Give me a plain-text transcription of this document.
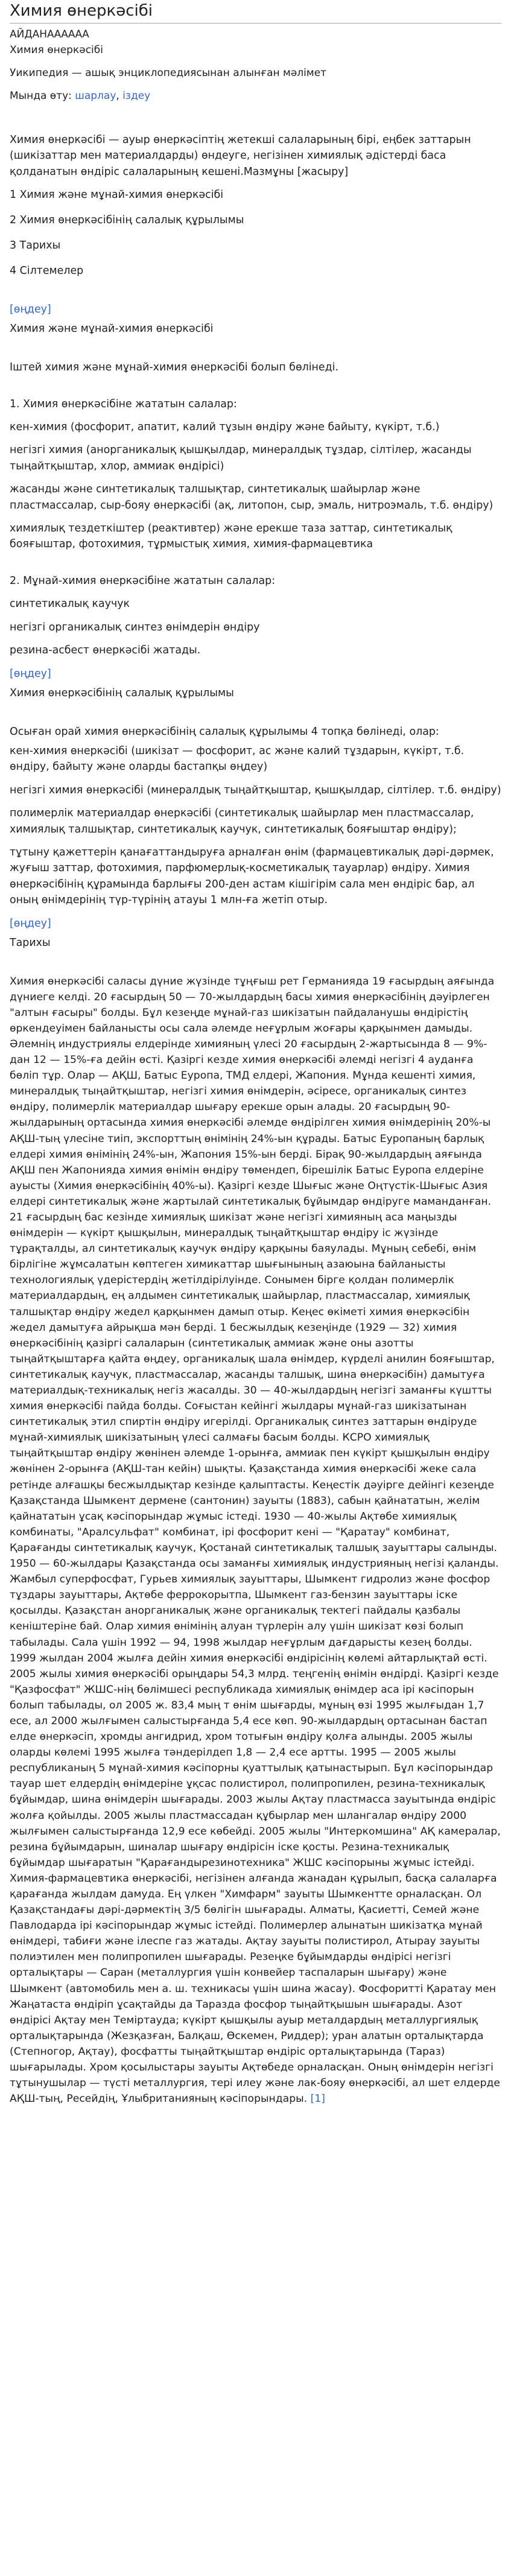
Химия өнеркәсібі
АЙДАНАААААА
Химия өнеркәсібі
Уикипедия — ашық энциклопедиясынан алынған мәлімет
Мында өту: шарлау, іздеу

Химия өнеркәсібі — ауыр өнеркәсіптің жетекші салаларының бірі, еңбек заттарын (шикізаттар мен материалдарды) өндеуге, негізінен химиялық әдістерді баса қолданатын өндіріс салаларының кешені.Мазмұны [жасыру]

1 Химия және мұнай-химия өнеркәсібі
2 Химия өнеркәсібінің салалық құрылымы
3 Тарихы
4 Сілтемелер
[өңдеу]
Химия және мұнай-химия өнеркәсібі

Іштей химия және мұнай-химия өнеркәсібі болып бөлінеді.

1. Химия өнеркәсібіне жататын салалар:

кен-химия (фосфорит, апатит, калий тұзын өндіру және байыту, күкірт, т.б.)
негізгі химия (анорганикалық қышқылдар, минералдық тұздар, сілтілер, жасанды тыңайтқыштар, хлор, аммиак өндірісі)
жасанды және синтетикалық талшықтар, синтетикалық шайырлар және пластмассалар, сыр-бояу өнеркәсібі (ақ, литопон, сыр, эмаль, нитроэмаль, т.б. өндіру)
химиялық тездеткіштер (реактивтер) және ерекше таза заттар, синтетикалық бояғыштар, фотохимия, тұрмыстық химия, химия-фармацевтика

2. Мұнай-химия өнеркәсібіне жататын салалар:

синтетикалық каучук
негізгі органикалық синтез өнімдерін өндіру
резина-асбест өнеркәсібі жатады.
[өңдеу]
Химия өнеркәсібінің салалық құрылымы

Осыған орай химия өнеркәсібінің салалық құрылымы 4 топқа бөлінеді, олар:

кен-химия өнеркәсібі (шикізат — фосфорит, ас және калий тұздарын, күкірт, т.б. өндіру, байыту және оларды бастапқы өңдеу)
негізгі химия өнеркәсібі (минералдық тыңайтқыштар, қышқылдар, сілтілер. т.б. өндіру)
полимерлік материалдар өнеркәсібі (синтетикалық шайырлар мен пластмассалар, химиялық талшықтар, синтетикалық каучук, синтетикалық бояғыштар өндіру);
тұтыну қажеттерін қанағаттандыруға арналған өнім (фармацевтикалық дәрі-дәрмек, жуғыш заттар, фотохимия, парфюмерлық-косметикалық тауарлар) өндіру. Химия өнеркәсібінің құрамында барлығы 200-ден астам кішігірім сала мен өндіріс бар, ал оның өнімдерінің түр-түрінің атауы 1 млн-ға жетіп отыр.
[өңдеу]
Тарихы

Химия өнеркәсібі саласы дүние жүзінде тұңғыш рет Германияда 19 ғасырдың аяғында дүниеге келді. 20 ғасырдың 50 — 70-жылдардың басы химия өнеркәсібінің дәуірлеген "алтын ғасыры" болды. Бұл кезеңде мұнай-газ шикізатын пайдаланушы өндірістің өркендеуімен байланысты осы сала әлемде неғұрлым жоғары қарқынмен дамыды. Әлемнің индустриялы елдерінде химияның үлесі 20 ғасырдың 2-жартысында 8 — 9%-дан 12 — 15%-ға дейін өсті. Қазіргі кезде химия өнеркәсібі әлемді негізгі 4 ауданға бөліп тұр. Олар — АҚШ, Батыс Еуропа, ТМД елдері, Жапония. Мұнда кешенті химия, минералдық тыңайтқыштар, негізгі химия өнімдерін, әсіресе, органикалық синтез өндіру, полимерлік материалдар шығару ерекше орын алады. 20 ғасырдың 90-жылдарының ортасында химия өнеркәсібі әлемде өндірілген химия өнімдерінің 20%-ы АҚШ-тың үлесіне тиіп, экспорттың өнімінің 24%-ын құрады. Батыс Еуропаның барлық елдері химия өнімінің 24%-ын, Жапония 15%-ын берді. Бірақ 90-жылдардың аяғында АҚШ пен Жапонияда химия өнімін өндіру төмендеп, бірешілік Батыс Еуропа елдеріне ауысты (Химия өнеркәсібінің 40%-ы). Қазіргі кезде Шығыс және Оңтүстік-Шығыс Азия елдері синтетикалық және жартылай синтетикалық бұйымдар өндіруге маманданған. 21 ғасырдың бас кезінде химиялық шикізат және негізгі химияның аса маңызды өнімдерін — күкірт қышқылын, минералдық тыңайтқыштар өндіру іс жүзінде тұрақталды, ал синтетикалық каучук өндіру қарқыны баяулады. Мұның себебі, өнім бірлігіне жұмсалатын көптеген химикаттар шығынының азаюына байланысты технологиялық үдерістердің жетілдірілуінде. Сонымен бірге қолдан полимерлік материалдардың, ең алдымен синтетикалық шайырлар, пластмассалар, химиялық талшықтар өндіру жедел қарқынмен дамып отыр. Кеңес өкіметі химия өнеркәсібін жедел дамытуға айрықша мән берді. 1 бесжылдық кезеңінде (1929 — 32) химия өнеркәсібінің қазіргі салаларын (синтетикалық аммиак және оны азотты тыңайтқыштарға қайта өңдеу, органикалық шала өнімдер, күрделі анилин бояғыштар, синтетикалық каучук, пластмассалар, жасанды талшық, шина өнеркәсібін) дамытуға материалдық-техникалық негіз жасалды. 30 — 40-жылдардың негізгі заманғы күштты химия өнеркәсібі пайда болды. Соғыстан кейінгі жылдары мұнай-газ шикізатынан синтетикалық этил спиртін өндіру игерілді. Органикалық синтез заттарын өндіруде мұнай-химиялық шикізатының үлесі салмағы басым болды. КСРО химиялық тыңайтқыштар өндіру жөнінен әлемде 1-орынға, аммиак пен күкірт қышқылын өндіру жөнінен 2-орынға (АҚШ-тан кейін) шықты. Қазақстанда химия өнеркәсібі жеке сала ретінде алғашқы бесжылдықтар кезінде қалыптасты. Кеңестік дәуірге дейінгі кезеңде Қазақстанда Шымкент дермене (сантонин) зауыты (1883), сабын қайнататын, желім қайнататын ұсақ кәсіпорындар жұмыс істеді. 1930 — 40-жылы Ақтөбе химиялық комбинаты, "Аралсульфат" комбинат, ірі фосфорит кені — "Қаратау" комбинат, Қарағанды синтетикалық каучук, Қостанай синтетикалық талшық зауыттары салынды. 1950 — 60-жылдары Қазақстанда осы заманғы химиялық индустрияның негізі қаланды. Жамбыл суперфосфат, Гурьев химиялық зауыттары, Шымкент гидролиз және фосфор тұздары зауыттары, Ақтөбе феррокорытпа, Шымкент газ-бензин зауыттары іске қосылды. Қазақстан анорганикалық және органикалық тектегі пайдалы қазбалы кеніштеріне бай. Олар химия өнімінің алуан түрлерін алу үшін шикізат көзі болып табылады. Сала үшін 1992 — 94, 1998 жылдар неғұрлым дағдарысты кезең болды. 1999 жылдан 2004 жылға дейін химия өнеркәсібі өндірісінің көлемі айтарлықтай өсті. 2005 жылы химия өнеркәсібі орыңдары 54,3 млрд. теңгенің өнімін өндірді. Қазіргі кезде "Қазфосфат" ЖШС-нің бөлімшесі республикада химиялық өнімдер аса ірі кәсіпорын болып табылады, ол 2005 ж. 83,4 мың т өнім шығарды, мұның өзі 1995 жылғыдан 1,7 есе, ал 2000 жылғымен салыстырғанда 5,4 есе көп. 90-жылдардың ортасынан бастап елде өнеркәсіп, хромды ангидрид, хром тотығын өндіру қолға алынды. 2005 жылы оларды көлемі 1995 жылға тәндерілдеп 1,8 — 2,4 есе артты. 1995 — 2005 жылы республиканың 5 мұнай-химия кәсіпорны қуаттылық қатынастырып. Бұл кәсіпорындар тауар шет елдердің өнімдеріне ұқсас полистирол, полипропилен, резина-техникалық бұйымдар, шина өнімдерін шығарады. 2003 жылы Ақтау пластмасса зауытында өндіріс жолға қойылды. 2005 жылы пластмассадан құбырлар мен шлангалар өндіру 2000 жылғымен салыстырғанда 12,9 есе көбейді. 2005 жылы "Интеркомшина" АҚ камералар, резина бұйымдарын, шиналар шығару өндірісін іске қосты. Резина-техникалық бұйымдар шығаратын "Қарағандырезинотехника" ЖШС кәсіпорыны жұмыс істейді. Химия-фармацевтика өнеркәсібі, негізінен алғанда жанадан құрылып, басқа салаларға қарағанда жылдам дамуда. Ең үлкен "Химфарм" зауыты Шымкентте орналасқан. Ол Қазақстандағы дәрі-дәрмектің 3/5 бөлігін шығарады. Алматы, Қасиетті, Семей және Павлодарда ірі кәсіпорындар жұмыс істейді. Полимерлер алынатын шикізатқа мұнай өнімдері, табиғи және ілеспе газ жатады. Ақтау зауыты полистирол, Атырау зауыты полиэтилен мен полипропилен шығарады. Резеңке бұйымдарды өндірісі негізгі орталықтары — Саран (металлургия үшін конвейер таспаларын шығару) және Шымкент (автомобиль мен а. ш. техникасы үшін шина жасау). Фосфоритті Қаратау мен Жаңатаста өндіріп ұсақтайды да Таразда фосфор тыңайтқышын шығарады. Азот өндірісі Ақтау мен Теміртауда; күкірт қышқылы ауыр металдардың металлургиялық орталықтарында (Жезқазған, Балқаш, Өскемен, Риддер); уран алатын орталықтарда (Степногор, Ақтау), фосфатты тыңайтқыштар өндіріс орталықтарында (Тараз) шығарылады. Хром қосылыстары зауыты Ақтөбеде орналасқан. Оның өнімдерін негізгі тұтынушылар — түсті металлургия, тері илеу және лак-бояу өнеркәсібі, ал шет елдерде АҚШ-тың, Ресейдің, Ұлыбританияның кәсіпорындары. [1]
